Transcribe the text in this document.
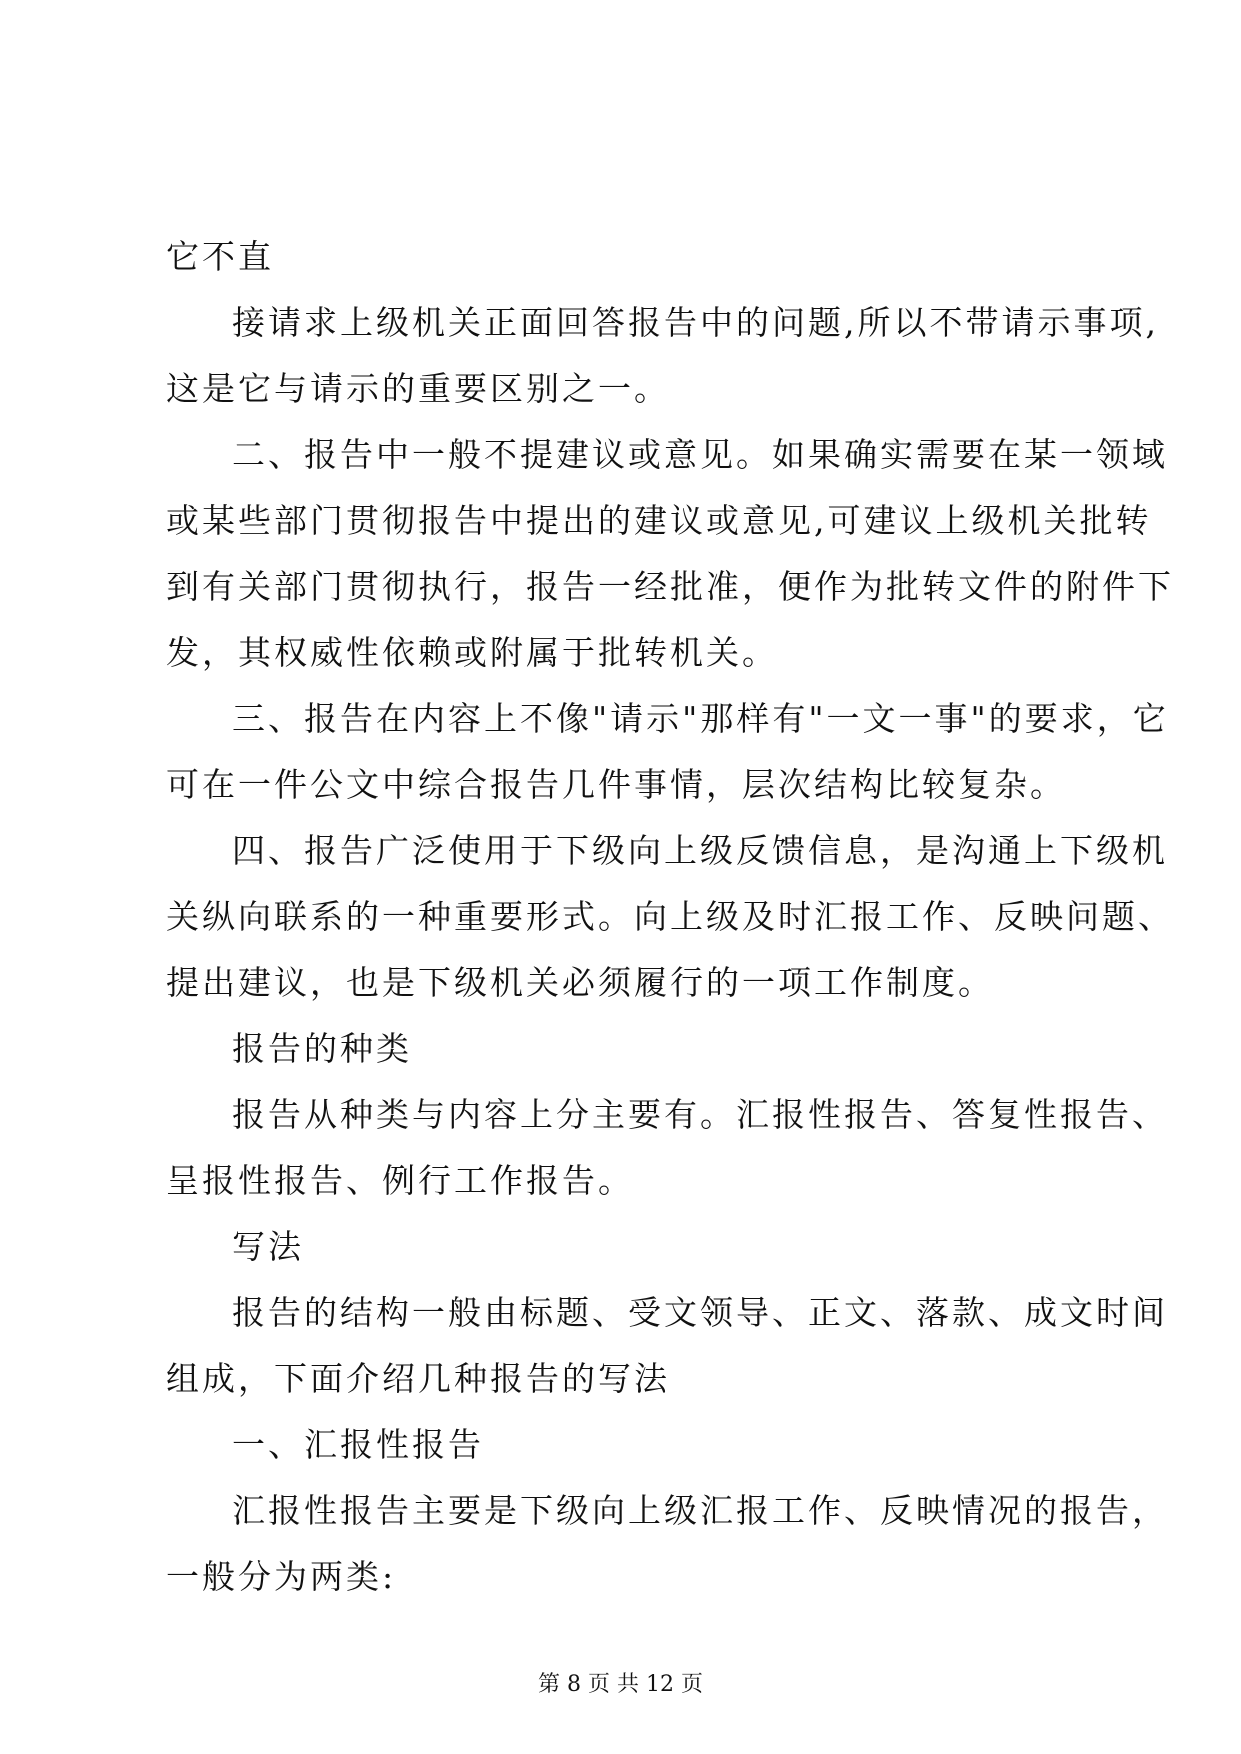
它不直
接请求上级机关正面回答报告中的问题,所以不带请示事项,
这是它与请示的重要区别之一。
二、报告中一般不提建议或意见。如果确实需要在某一领域
或某些部门贯彻报告中提出的建议或意见,可建议上级机关批转
到有关部门贯彻执行，报告一经批准，便作为批转文件的附件下
发，其权威性依赖或附属于批转机关。
三、报告在内容上不像"请示"那样有"一文一事"的要求，它
可在一件公文中综合报告几件事情，层次结构比较复杂。
四、报告广泛使用于下级向上级反馈信息，是沟通上下级机
关纵向联系的一种重要形式。向上级及时汇报工作、反映问题、
提出建议，也是下级机关必须履行的一项工作制度。
报告的种类
报告从种类与内容上分主要有。汇报性报告、答复性报告、
呈报性报告、例行工作报告。
写法
报告的结构一般由标题、受文领导、正文、落款、成文时间
组成，下面介绍几种报告的写法
一、汇报性报告
汇报性报告主要是下级向上级汇报工作、反映情况的报告，
一般分为两类:
第 8 页 共 12 页
